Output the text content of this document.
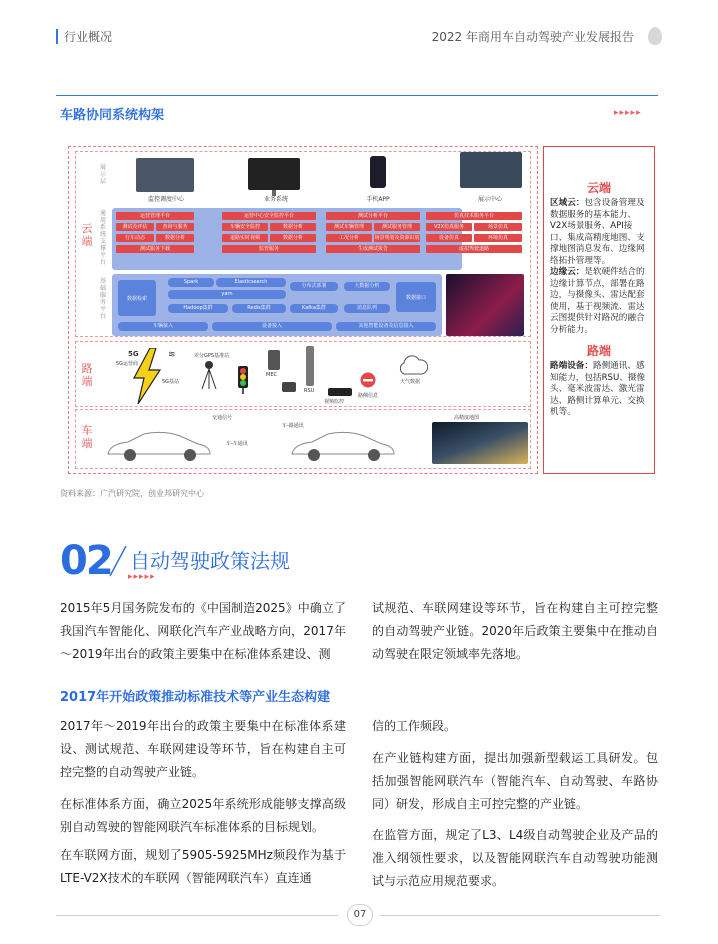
行业概况	2022 年商用车自动驾驶产业发展报告
车路协同系统构架	▸▸▸▸▸
云端
展示层
通用系统支撑平台
基础服务平台
监控调度中心	业务系统	手机APP	展示中心
运营管理平台
测试及评估	查询与服务
行车动态	数据分析
测试服务下载
运营中心安全监控平台
车辆安全监控	数据分析
道路实时视频	数据分析
监管服务
测试分析平台
测试车辆管理	测试服务管理
工况分析	场景规划及资源识别
生成测试报告
仿真技术服务平台
V2X仿真服务	场景仿真
设备仿真	环境仿真
虚拟驾驶道路
数据检索
Spark	Elasticsearch
yarn
Hadoop集群	Redis集群
分布式部署
Kafka集群
大数据分析
消息队列
数据接口
车辆接入	设备接入	其他智能设备及信息接入
路端
5G
5G运营商
≋
5G基站
差分GPS基准站
MEC
RSU
视频监控
路侧信息
天气数据
车端
交通信号
车-车通讯
车-路通讯
高精度地图
云端
区域云：包含设备管理及数据服务的基本能力、V2X场景服务、API接口、集成高精度地图、支撑地图消息发布、边缘网络拓扑管理等。
边缘云：是软硬件结合的边缘计算节点，部署在路边，与摄像头、雷达配套使用，基于视频流、雷达云图提供针对路况的融合分析能力。
路端
路端设备：路侧通讯、感知能力，包括RSU、摄像头、毫米波雷达、激光雷达、路侧计算单元、交换机等。
资料来源：广汽研究院，创业邦研究中心
02 自动驾驶政策法规
▸▸▸▸▸
2015年5月国务院发布的《中国制造2025》中确立了我国汽车智能化、网联化汽车产业战略方向，2017年～2019年出台的政策主要集中在标准体系建设、测
试规范、车联网建设等环节，旨在构建自主可控完整的自动驾驶产业链。2020年后政策主要集中在推动自动驾驶在限定领域率先落地。
2017年开始政策推动标准技术等产业生态构建
2017年～2019年出台的政策主要集中在标准体系建设、测试规范、车联网建设等环节，旨在构建自主可控完整的自动驾驶产业链。
在标准体系方面，确立2025年系统形成能够支撑高级别自动驾驶的智能网联汽车标准体系的目标规划。
在车联网方面，规划了5905-5925MHz频段作为基于LTE-V2X技术的车联网（智能网联汽车）直连通
信的工作频段。
在产业链构建方面，提出加强新型载运工具研发。包括加强智能网联汽车（智能汽车、自动驾驶、车路协同）研发，形成自主可控完整的产业链。
在监管方面，规定了L3、L4级自动驾驶企业及产品的准入纲领性要求，以及智能网联汽车自动驾驶功能测试与示范应用规范要求。
07
